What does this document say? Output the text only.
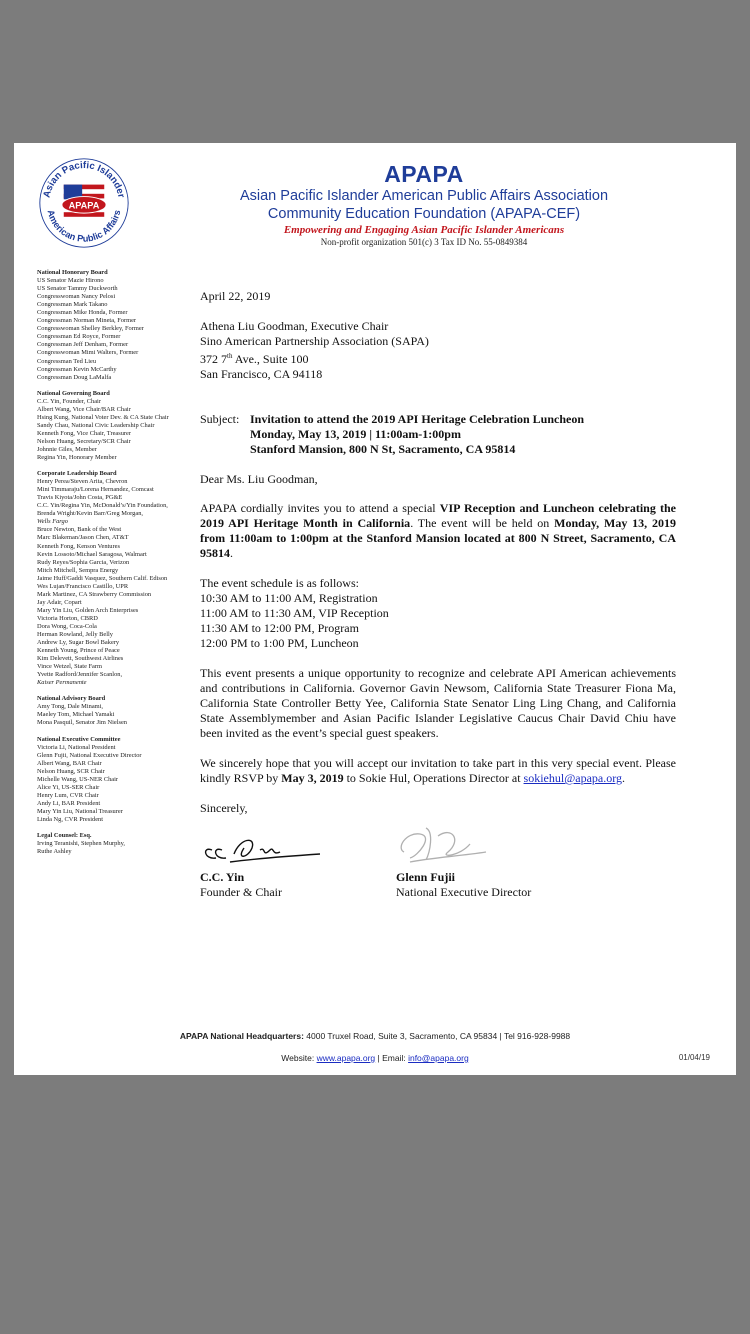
Asian Pacific Islander
American Public Affairs
APAPA
APAPA
Asian Pacific Islander American Public Affairs Association
Community Education Foundation (APAPA-CEF)
Empowering and Engaging Asian Pacific Islander Americans
Non-profit organization 501(c) 3 Tax ID No. 55-0849384
National Honorary Board
US Senator Mazie Hirono
US Senator Tammy Duckworth
Congresswoman Nancy Pelosi
Congressman Mark Takano
Congressman Mike Honda, Former
Congressman Norman Mineta, Former
Congresswoman Shelley Berkley, Former
Congressman Ed Royce, Former
Congressman Jeff Denham, Former
Congresswoman Mimi Walters, Former
Congressman Ted Lieu
Congressman Kevin McCarthy
Congressman Doug LaMalfa
National Governing Board
C.C. Yin, Founder, Chair
Albert Wang, Vice Chair/BAR Chair
Hsing Kung, National Voter Dev. & CA State Chair
Sandy Chau, National Civic Leadership Chair
Kenneth Fong, Vice Chair, Treasurer
Nelson Huang, Secretary/SCR Chair
Johnnie Giles, Member
Regina Yin, Honorary Member
Corporate Leadership Board
Henry Perea/Steven Arita, Chevron
Mini Timmaraju/Lorena Hernandez, Comcast
Travis Kiyota/John Costa, PG&E
C.C. Yin/Regina Yin, McDonald’s/Yin Foundation,
Brenda Wright/Kevin Barr/Greg Morgan,
Wells Fargo
Bruce Newton, Bank of the West
Marc Blakeman/Jason Chen, AT&T
Kenneth Fong, Kenson Ventures
Kevin Lossoto/Michael Saragosa, Walmart
Rudy Reyes/Sophia Garcia, Verizon
Mitch Mitchell, Sempra Energy
Jaime Huff/Gaddi Vasquez, Southern Calif. Edison
Wes Lujan/Francisco Castillo, UPR
Mark Martinez, CA Strawberry Commission
Jay Adair, Copart
Mary Yin Liu, Golden Arch Enterprises
Victoria Horton, CBRD
Dora Wong, Coca-Cola
Herman Rowland, Jelly Belly
Andrew Ly, Sugar Bowl Bakery
Kenneth Young, Prince of Peace
Kim Delevett, Southwest Airlines
Vince Wetzel, State Farm
Yvette Radford/Jennifer Scanlon,
Kaiser Permanente
National Advisory Board
Amy Tong, Dale Minami,
Maeley Tom, Michael Yamaki
Mona Pasquil, Senator Jim Nielsen
National Executive Committee
Victoria Li, National President
Glenn Fujii, National Executive Director
Albert Wang, BAR Chair
Nelson Huang, SCR Chair
Michelle Wang, US-NER Chair
Alice Yi, US-SER Chair
Henry Lum, CVR Chair
Andy Li, BAR President
Mary Yin Liu, National Treasurer
Linda Ng, CVR President
Legal Counsel: Esq.
Irving Teranishi, Stephen Murphy,
Ruthe Ashley

April 22, 2019

Athena Liu Goodman, Executive Chair
Sino American Partnership Association (SAPA)
372 7th Ave., Suite 100
San Francisco, CA 94118
Subject: Invitation to attend the 2019 API Heritage Celebration Luncheon
Monday, May 13, 2019 | 11:00am-1:00pm
Stanford Mansion, 800 N St, Sacramento, CA 95814

Dear Ms. Liu Goodman,

APAPA cordially invites you to attend a special VIP Reception and Luncheon celebrating the 2019 API Heritage Month in California. The event will be held on Monday, May 13, 2019 from 11:00am to 1:00pm at the Stanford Mansion located at 800 N Street, Sacramento, CA 95814.

The event schedule is as follows:
10:30 AM to 11:00 AM, Registration
11:00 AM to 11:30 AM, VIP Reception
11:30 AM to 12:00 PM, Program
12:00 PM to 1:00 PM, Luncheon

This event presents a unique opportunity to recognize and celebrate API American achievements and contributions in California. Governor Gavin Newsom, California State Treasurer Fiona Ma, California State Controller Betty Yee, California State Senator Ling Ling Chang, and California State Assemblymember and Asian Pacific Islander Legislative Caucus Chair David Chiu have been invited as the event’s special guest speakers.

We sincerely hope that you will accept our invitation to take part in this very special event. Please kindly RSVP by May 3, 2019 to Sokie Hul, Operations Director at sokiehul@apapa.org.

Sincerely,

C.C. Yin
Founder & Chair
Glenn Fujii
National Executive Director
APAPA National Headquarters: 4000 Truxel Road, Suite 3, Sacramento, CA 95834 | Tel 916-928-9988
Website: www.apapa.org | Email: info@apapa.org	01/04/19
